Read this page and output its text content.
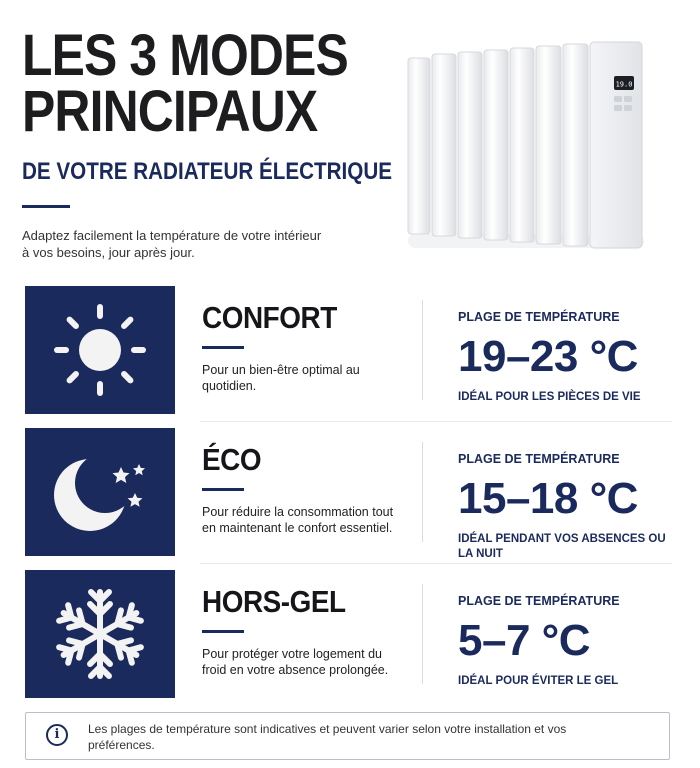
LES 3 MODES
PRINCIPAUX
DE VOTRE RADIATEUR ÉLECTRIQUE

Adaptez facilement la température de votre intérieur à vos besoins, jour après jour.

19.0
CONFORT

Pour un bien-être optimal au quotidien.

PLAGE DE TEMPÉRATURE

19–23 °C

IDÉAL POUR LES PIÈCES DE VIE

ÉCO

Pour réduire la consommation tout en maintenant le confort essentiel.

PLAGE DE TEMPÉRATURE

15–18 °C

IDÉAL PENDANT VOS ABSENCES OU LA NUIT

HORS-GEL

Pour protéger votre logement du froid en votre absence prolongée.

PLAGE DE TEMPÉRATURE

5–7 °C

IDÉAL POUR ÉVITER LE GEL

i	Les plages de température sont indicatives et peuvent varier selon votre installation et vos préférences.
